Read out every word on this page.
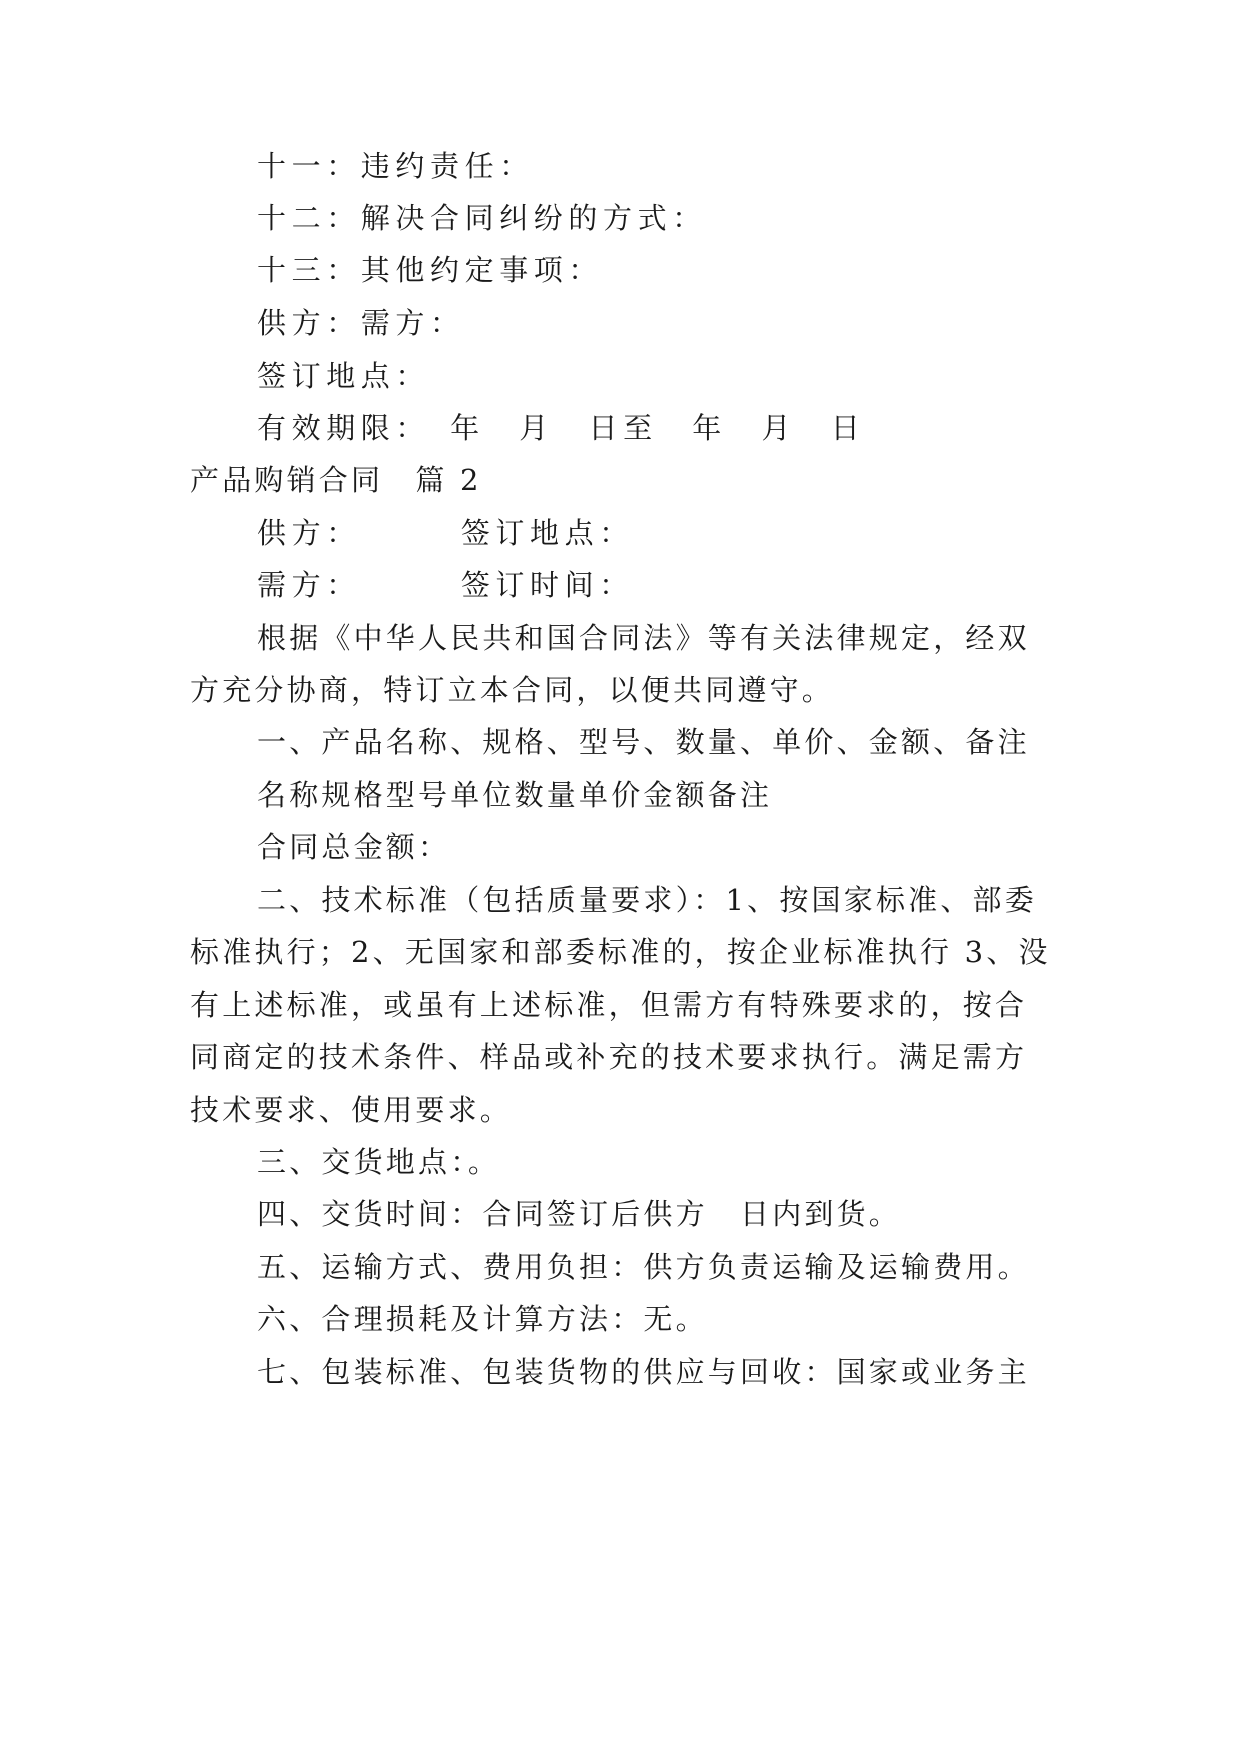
十一：违约责任：
十二：解决合同纠纷的方式：
十三：其他约定事项：
供方：需方：
签订地点：
有效期限：　年　月　日至　年　月　日
产品购销合同　篇 2
供方：	签订地点：
需方：	签订时间：
根据《中华人民共和国合同法》等有关法律规定，经双
方充分协商，特订立本合同，以便共同遵守。
一、产品名称、规格、型号、数量、单价、金额、备注
名称规格型号单位数量单价金额备注
合同总金额：
二、技术标准（包括质量要求）：1、按国家标准、部委
标准执行；2、无国家和部委标准的，按企业标准执行 3、没
有上述标准，或虽有上述标准，但需方有特殊要求的，按合
同商定的技术条件、样品或补充的技术要求执行。满足需方
技术要求、使用要求。
三、交货地点：。
四、交货时间：合同签订后供方　日内到货。
五、运输方式、费用负担：供方负责运输及运输费用。
六、合理损耗及计算方法：无。
七、包装标准、包装货物的供应与回收：国家或业务主
